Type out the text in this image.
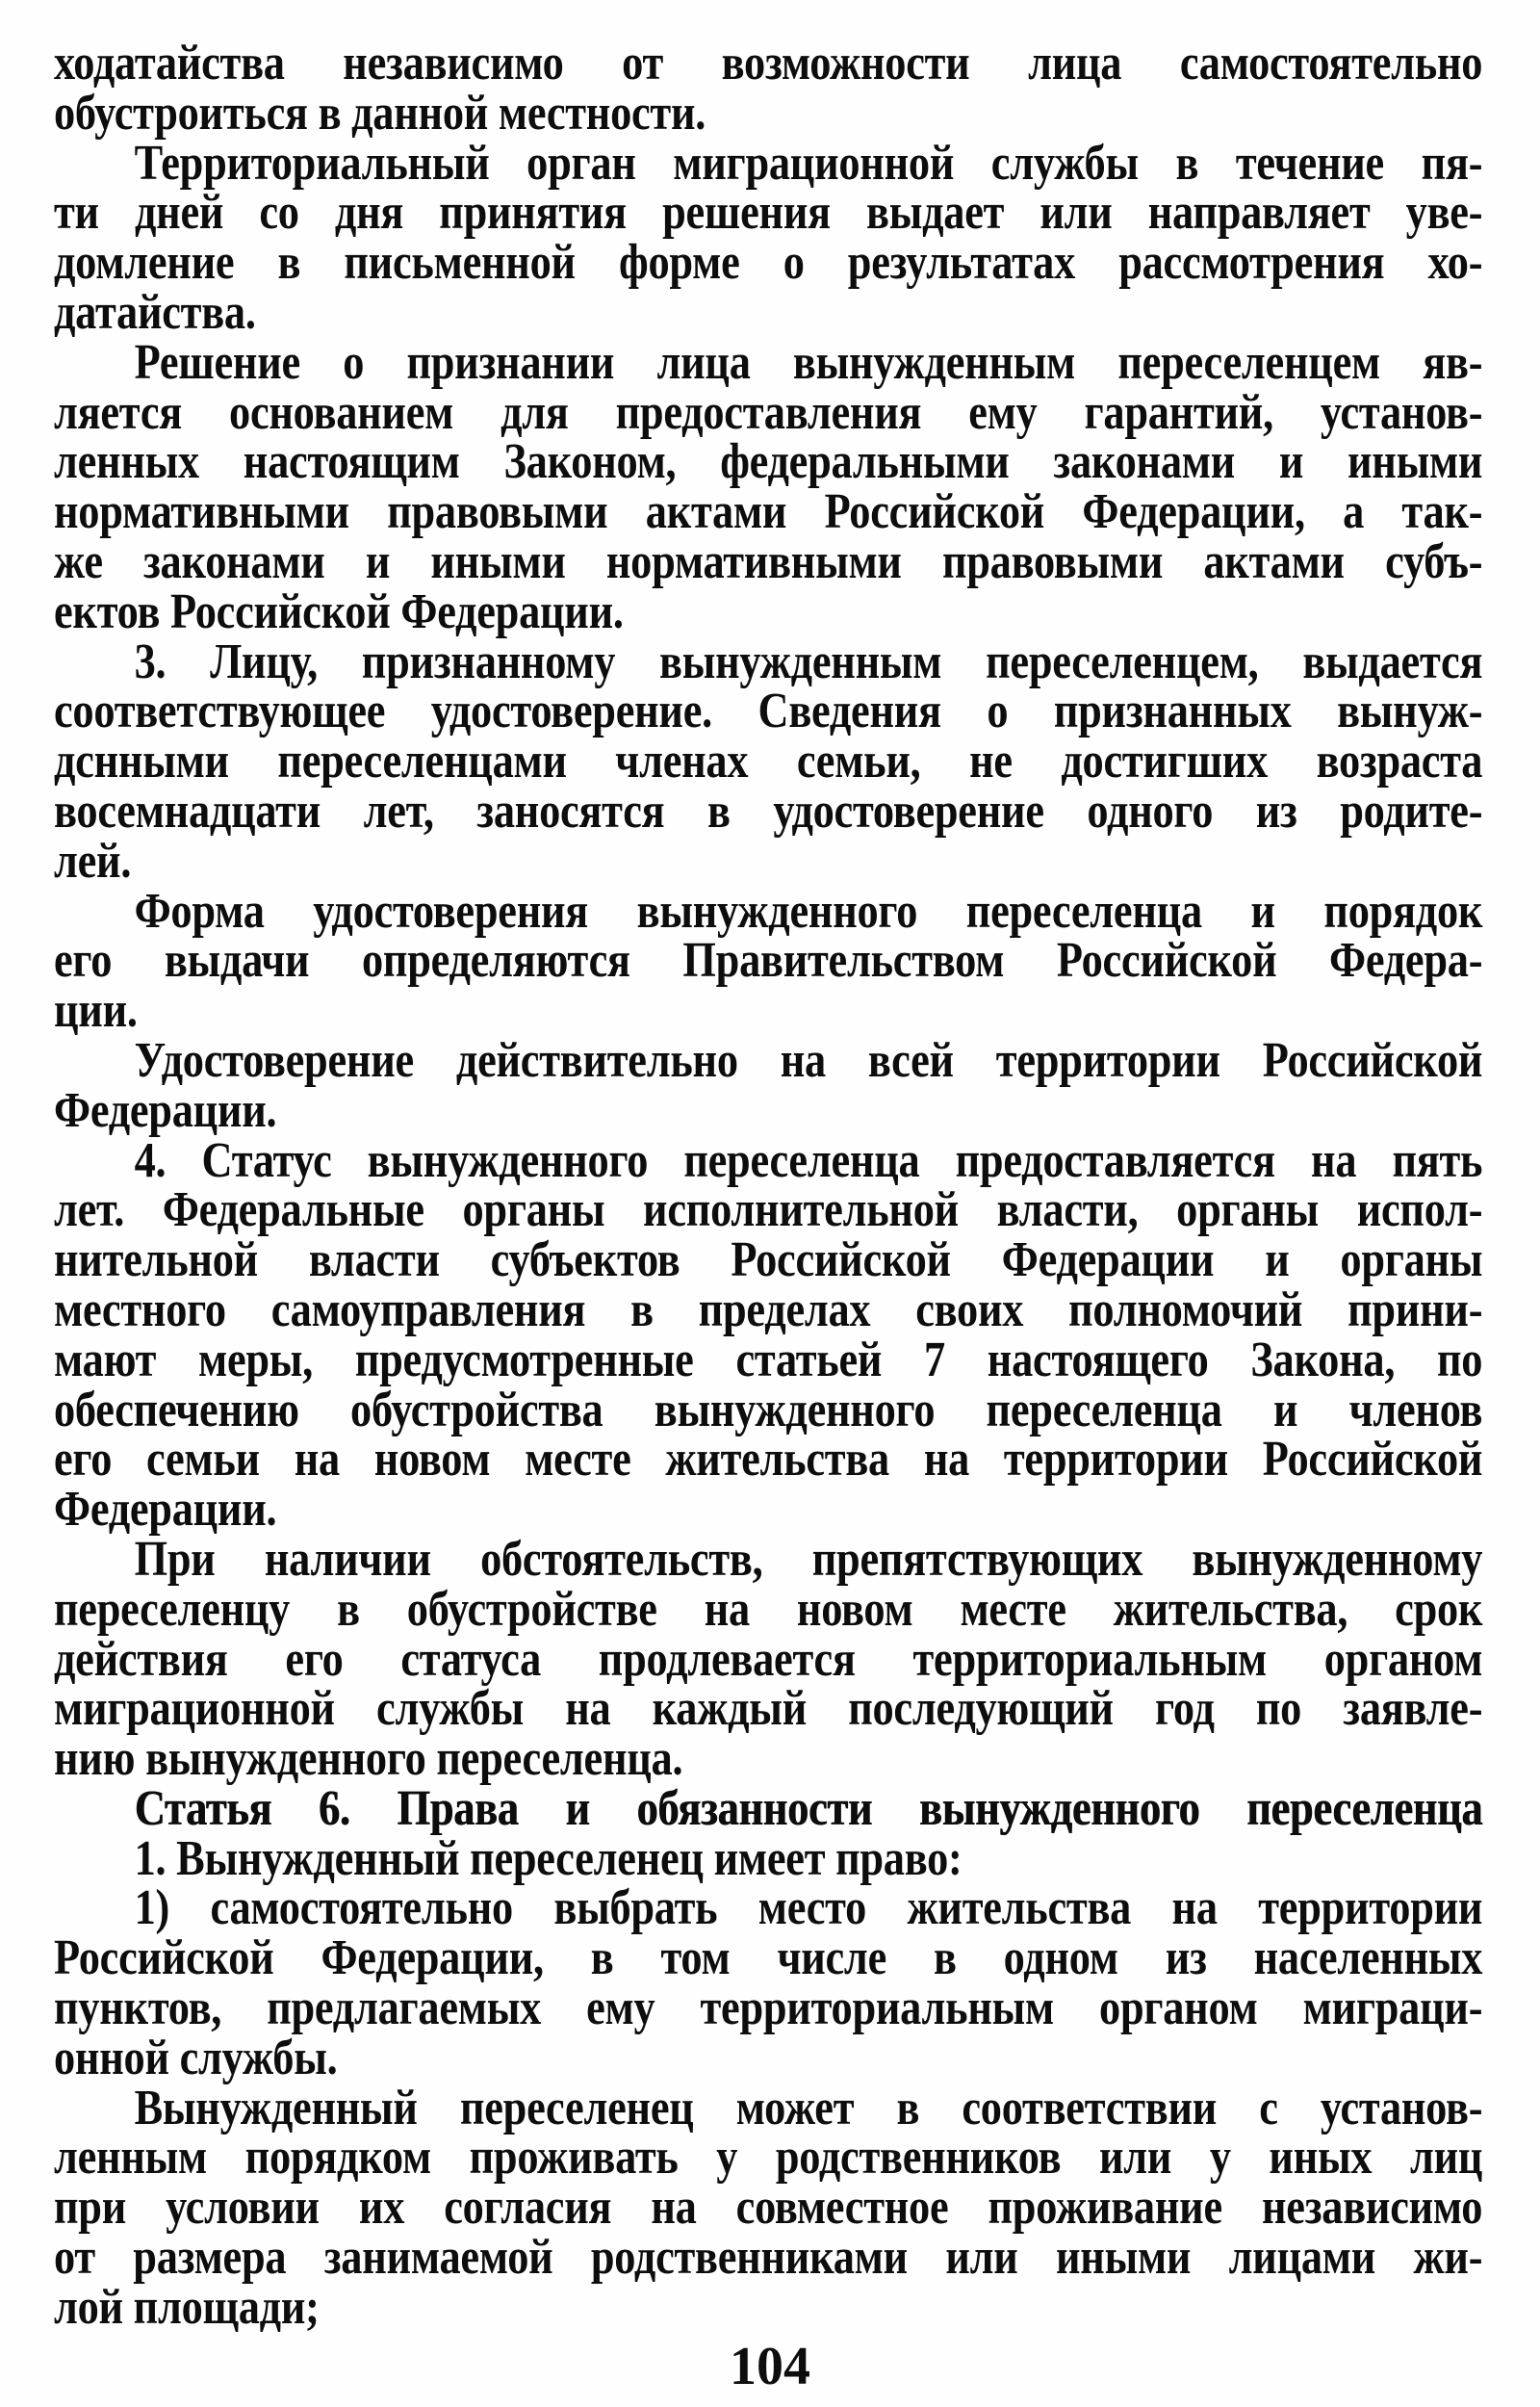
ходатайства независимо от возможности лица самостоятельно
обустроиться в данной местности.
Территориальный орган миграционной службы в течение пя-
ти дней со дня принятия решения выдает или направляет уве-
домление в письменной форме о результатах рассмотрения хо-
датайства.
Решение о признании лица вынужденным переселенцем яв-
ляется основанием для предоставления ему гарантий, установ-
ленных настоящим Законом, федеральными законами и иными
нормативными правовыми актами Российской Федерации, а так-
же законами и иными нормативными правовыми актами субъ-
ектов Российской Федерации.
3. Лицу, признанному вынужденным переселенцем, выдается
соответствующее удостоверение. Сведения о признанных вынуж-
дснными переселенцами членах семьи, не достигших возраста
восемнадцати лет, заносятся в удостоверение одного из родите-
лей.
Форма удостоверения вынужденного переселенца и порядок
его выдачи определяются Правительством Российской Федера-
ции.
Удостоверение действительно на всей территории Российской
Федерации.
4. Статус вынужденного переселенца предоставляется на пять
лет. Федеральные органы исполнительной власти, органы испол-
нительной власти субъектов Российской Федерации и органы
местного самоуправления в пределах своих полномочий прини-
мают меры, предусмотренные статьей 7 настоящего Закона, по
обеспечению обустройства вынужденного переселенца и членов
его семьи на новом месте жительства на территории Российской
Федерации.
При наличии обстоятельств, препятствующих вынужденному
переселенцу в обустройстве на новом месте жительства, срок
действия его статуса продлевается территориальным органом
миграционной службы на каждый последующий год по заявле-
нию вынужденного переселенца.
Статья 6. Права и обязанности вынужденного переселенца
1. Вынужденный переселенец имеет право:
1) самостоятельно выбрать место жительства на территории
Российской Федерации, в том числе в одном из населенных
пунктов, предлагаемых ему территориальным органом миграци-
онной службы.
Вынужденный переселенец может в соответствии с установ-
ленным порядком проживать у родственников или у иных лиц
при условии их согласия на совместное проживание независимо
от размера занимаемой родственниками или иными лицами жи-
лой площади;
104
